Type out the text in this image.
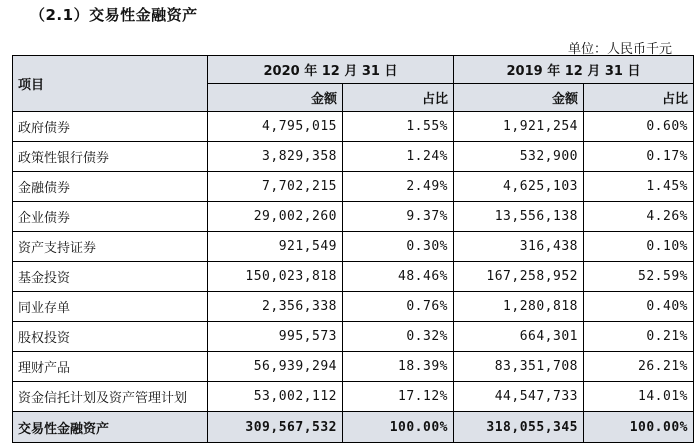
（2.1）交易性金融资产
单位：人民币千元
项目	2020 年 12 月 31 日		2019 年 12 月 31 日	
	金额	占比	金额	占比
政府债券	4,795,015	1.55%	1,921,254	0.60%
政策性银行债券	3,829,358	1.24%	532,900	0.17%
金融债券	7,702,215	2.49%	4,625,103	1.45%
企业债券	29,002,260	9.37%	13,556,138	4.26%
资产支持证券	921,549	0.30%	316,438	0.10%
基金投资	150,023,818	48.46%	167,258,952	52.59%
同业存单	2,356,338	0.76%	1,280,818	0.40%
股权投资	995,573	0.32%	664,301	0.21%
理财产品	56,939,294	18.39%	83,351,708	26.21%
资金信托计划及资产管理计划	53,002,112	17.12%	44,547,733	14.01%
交易性金融资产	309,567,532	100.00%	318,055,345	100.00%
